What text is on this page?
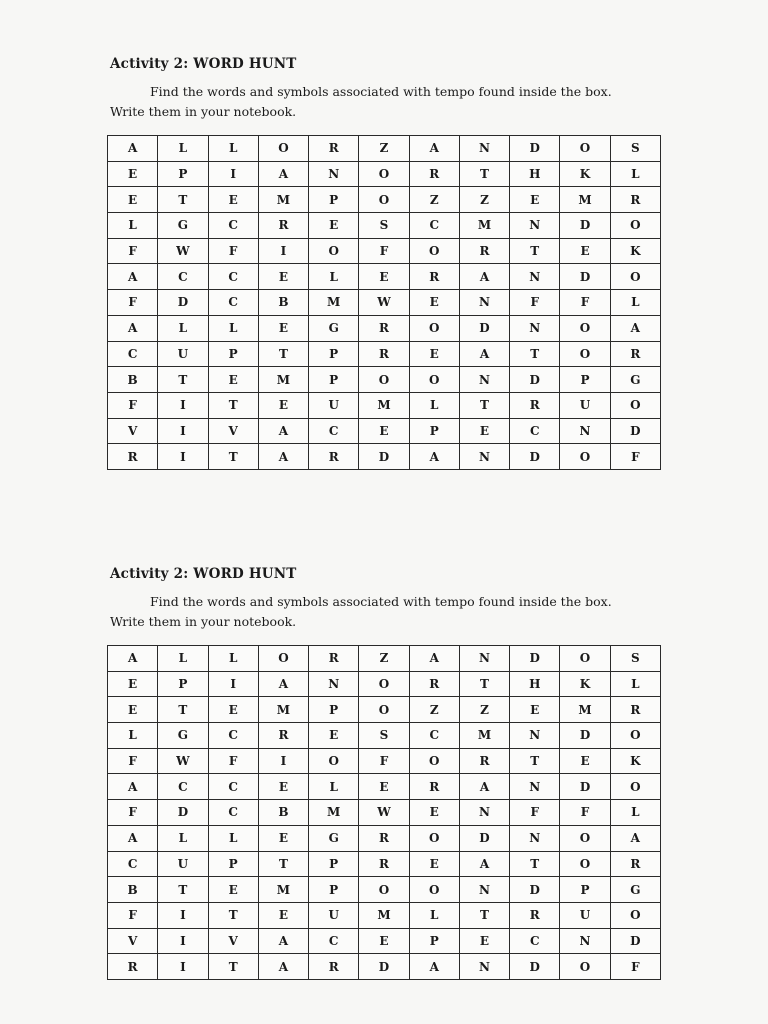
Activity 2: WORD HUNT
Find the words and symbols associated with tempo found inside the box.
Write them in your notebook.
A	L	L	O	R	Z	A	N	D	O	S
E	P	I	A	N	O	R	T	H	K	L
E	T	E	M	P	O	Z	Z	E	M	R
L	G	C	R	E	S	C	M	N	D	O
F	W	F	I	O	F	O	R	T	E	K
A	C	C	E	L	E	R	A	N	D	O
F	D	C	B	M	W	E	N	F	F	L
A	L	L	E	G	R	O	D	N	O	A
C	U	P	T	P	R	E	A	T	O	R
B	T	E	M	P	O	O	N	D	P	G
F	I	T	E	U	M	L	T	R	U	O
V	I	V	A	C	E	P	E	C	N	D
R	I	T	A	R	D	A	N	D	O	F
Activity 2: WORD HUNT
Find the words and symbols associated with tempo found inside the box.
Write them in your notebook.
A	L	L	O	R	Z	A	N	D	O	S
E	P	I	A	N	O	R	T	H	K	L
E	T	E	M	P	O	Z	Z	E	M	R
L	G	C	R	E	S	C	M	N	D	O
F	W	F	I	O	F	O	R	T	E	K
A	C	C	E	L	E	R	A	N	D	O
F	D	C	B	M	W	E	N	F	F	L
A	L	L	E	G	R	O	D	N	O	A
C	U	P	T	P	R	E	A	T	O	R
B	T	E	M	P	O	O	N	D	P	G
F	I	T	E	U	M	L	T	R	U	O
V	I	V	A	C	E	P	E	C	N	D
R	I	T	A	R	D	A	N	D	O	F
